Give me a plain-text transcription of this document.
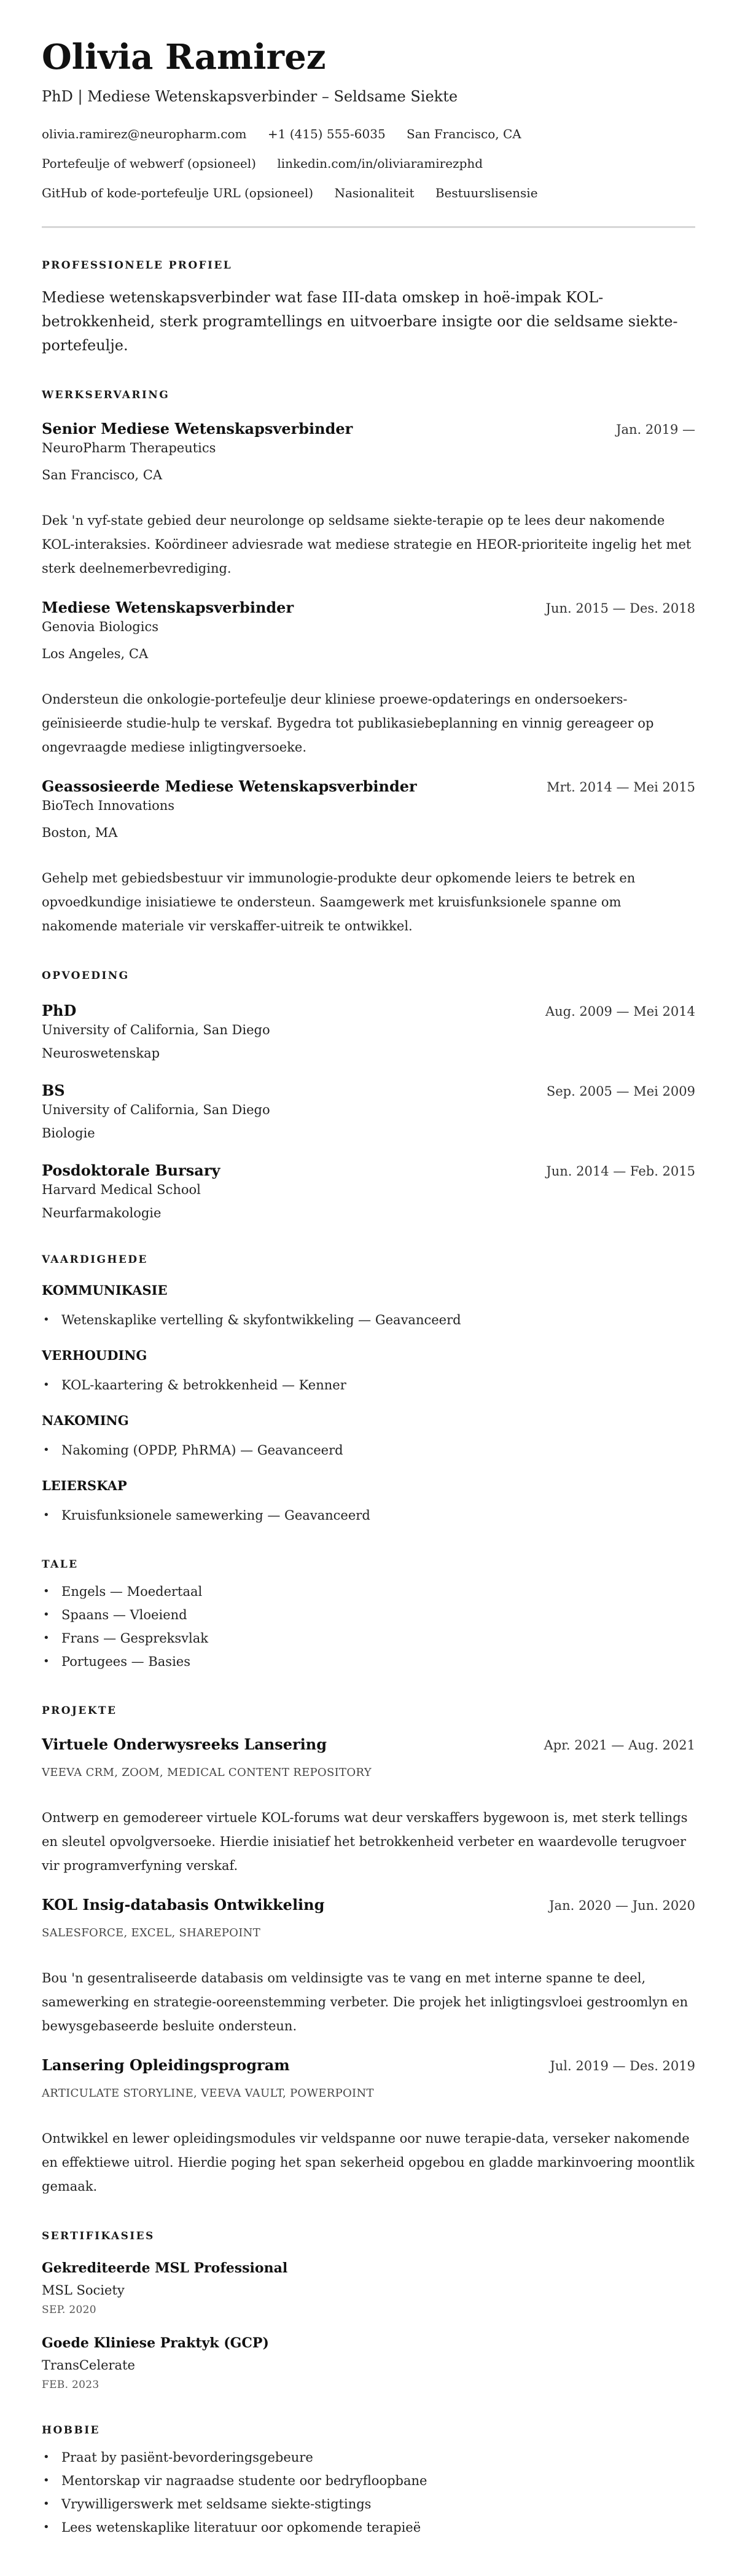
Olivia Ramirez
PhD | Mediese Wetenskapsverbinder – Seldsame Siekte
olivia.ramirez@neuropharm.com +1 (415) 555-6035 San Francisco, CA
Portefeulje of webwerf (opsioneel) linkedin.com/in/oliviaramirezphd
GitHub of kode-portefeulje URL (opsioneel) Nasionaliteit Bestuurslisensie
PROFESSIONELE PROFIEL

Mediese wetenskapsverbinder wat fase III-data omskep in hoë-impak KOL-betrokkenheid, sterk programtellings en uitvoerbare insigte oor die seldsame siekte-portefeulje.

WERKSERVARING
Senior Mediese Wetenskapsverbinder	Jan. 2019 —
NeuroPharm Therapeutics
San Francisco, CA

Dek 'n vyf-state gebied deur neurolonge op seldsame siekte-terapie op te lees deur nakomende KOL-interaksies. Koördineer adviesrade wat mediese strategie en HEOR-prioriteite ingelig het met sterk deelnemerbevrediging.

Mediese Wetenskapsverbinder	Jun. 2015 — Des. 2018
Genovia Biologics
Los Angeles, CA

Ondersteun die onkologie-portefeulje deur kliniese proewe-opdaterings en ondersoekers-geïnisieerde studie-hulp te verskaf. Bygedra tot publikasiebeplanning en vinnig gereageer op ongevraagde mediese inligtingversoeke.

Geassosieerde Mediese Wetenskapsverbinder	Mrt. 2014 — Mei 2015
BioTech Innovations
Boston, MA

Gehelp met gebiedsbestuur vir immunologie-produkte deur opkomende leiers te betrek en opvoedkundige inisiatiewe te ondersteun. Saamgewerk met kruisfunksionele spanne om nakomende materiale vir verskaffer-uitreik te ontwikkel.

OPVOEDING
PhD	Aug. 2009 — Mei 2014
University of California, San Diego
Neuroswetenskap
BS	Sep. 2005 — Mei 2009
University of California, San Diego
Biologie
Posdoktorale Bursary	Jun. 2014 — Feb. 2015
Harvard Medical School
Neurfarmakologie
VAARDIGHEDE
KOMMUNIKASIE
• Wetenskaplike vertelling & skyfontwikkeling — Geavanceerd
VERHOUDING
• KOL-kaartering & betrokkenheid — Kenner
NAKOMING
• Nakoming (OPDP, PhRMA) — Geavanceerd
LEIERSKAP
• Kruisfunksionele samewerking — Geavanceerd
TALE
• Engels — Moedertaal
• Spaans — Vloeiend
• Frans — Gespreksvlak
• Portugees — Basies
PROJEKTE
Virtuele Onderwysreeks Lansering	Apr. 2021 — Aug. 2021
VEEVA CRM, ZOOM, MEDICAL CONTENT REPOSITORY

Ontwerp en gemodereer virtuele KOL-forums wat deur verskaffers bygewoon is, met sterk tellings en sleutel opvolgversoeke. Hierdie inisiatief het betrokkenheid verbeter en waardevolle terugvoer vir programverfyning verskaf.

KOL Insig-databasis Ontwikkeling	Jan. 2020 — Jun. 2020
SALESFORCE, EXCEL, SHAREPOINT

Bou 'n gesentraliseerde databasis om veldinsigte vas te vang en met interne spanne te deel, samewerking en strategie-ooreenstemming verbeter. Die projek het inligtingsvloei gestroomlyn en bewysgebaseerde besluite ondersteun.

Lansering Opleidingsprogram	Jul. 2019 — Des. 2019
ARTICULATE STORYLINE, VEEVA VAULT, POWERPOINT

Ontwikkel en lewer opleidingsmodules vir veldspanne oor nuwe terapie-data, verseker nakomende en effektiewe uitrol. Hierdie poging het span sekerheid opgebou en gladde markinvoering moontlik gemaak.

SERTIFIKASIES
Gekrediteerde MSL Professional
MSL Society
SEP. 2020
Goede Kliniese Praktyk (GCP)
TransCelerate
FEB. 2023
HOBBIE
• Praat by pasiënt-bevorderingsgebeure
• Mentorskap vir nagraadse studente oor bedryfloopbane
• Vrywilligerswerk met seldsame siekte-stigtings
• Lees wetenskaplike literatuur oor opkomende terapieë
